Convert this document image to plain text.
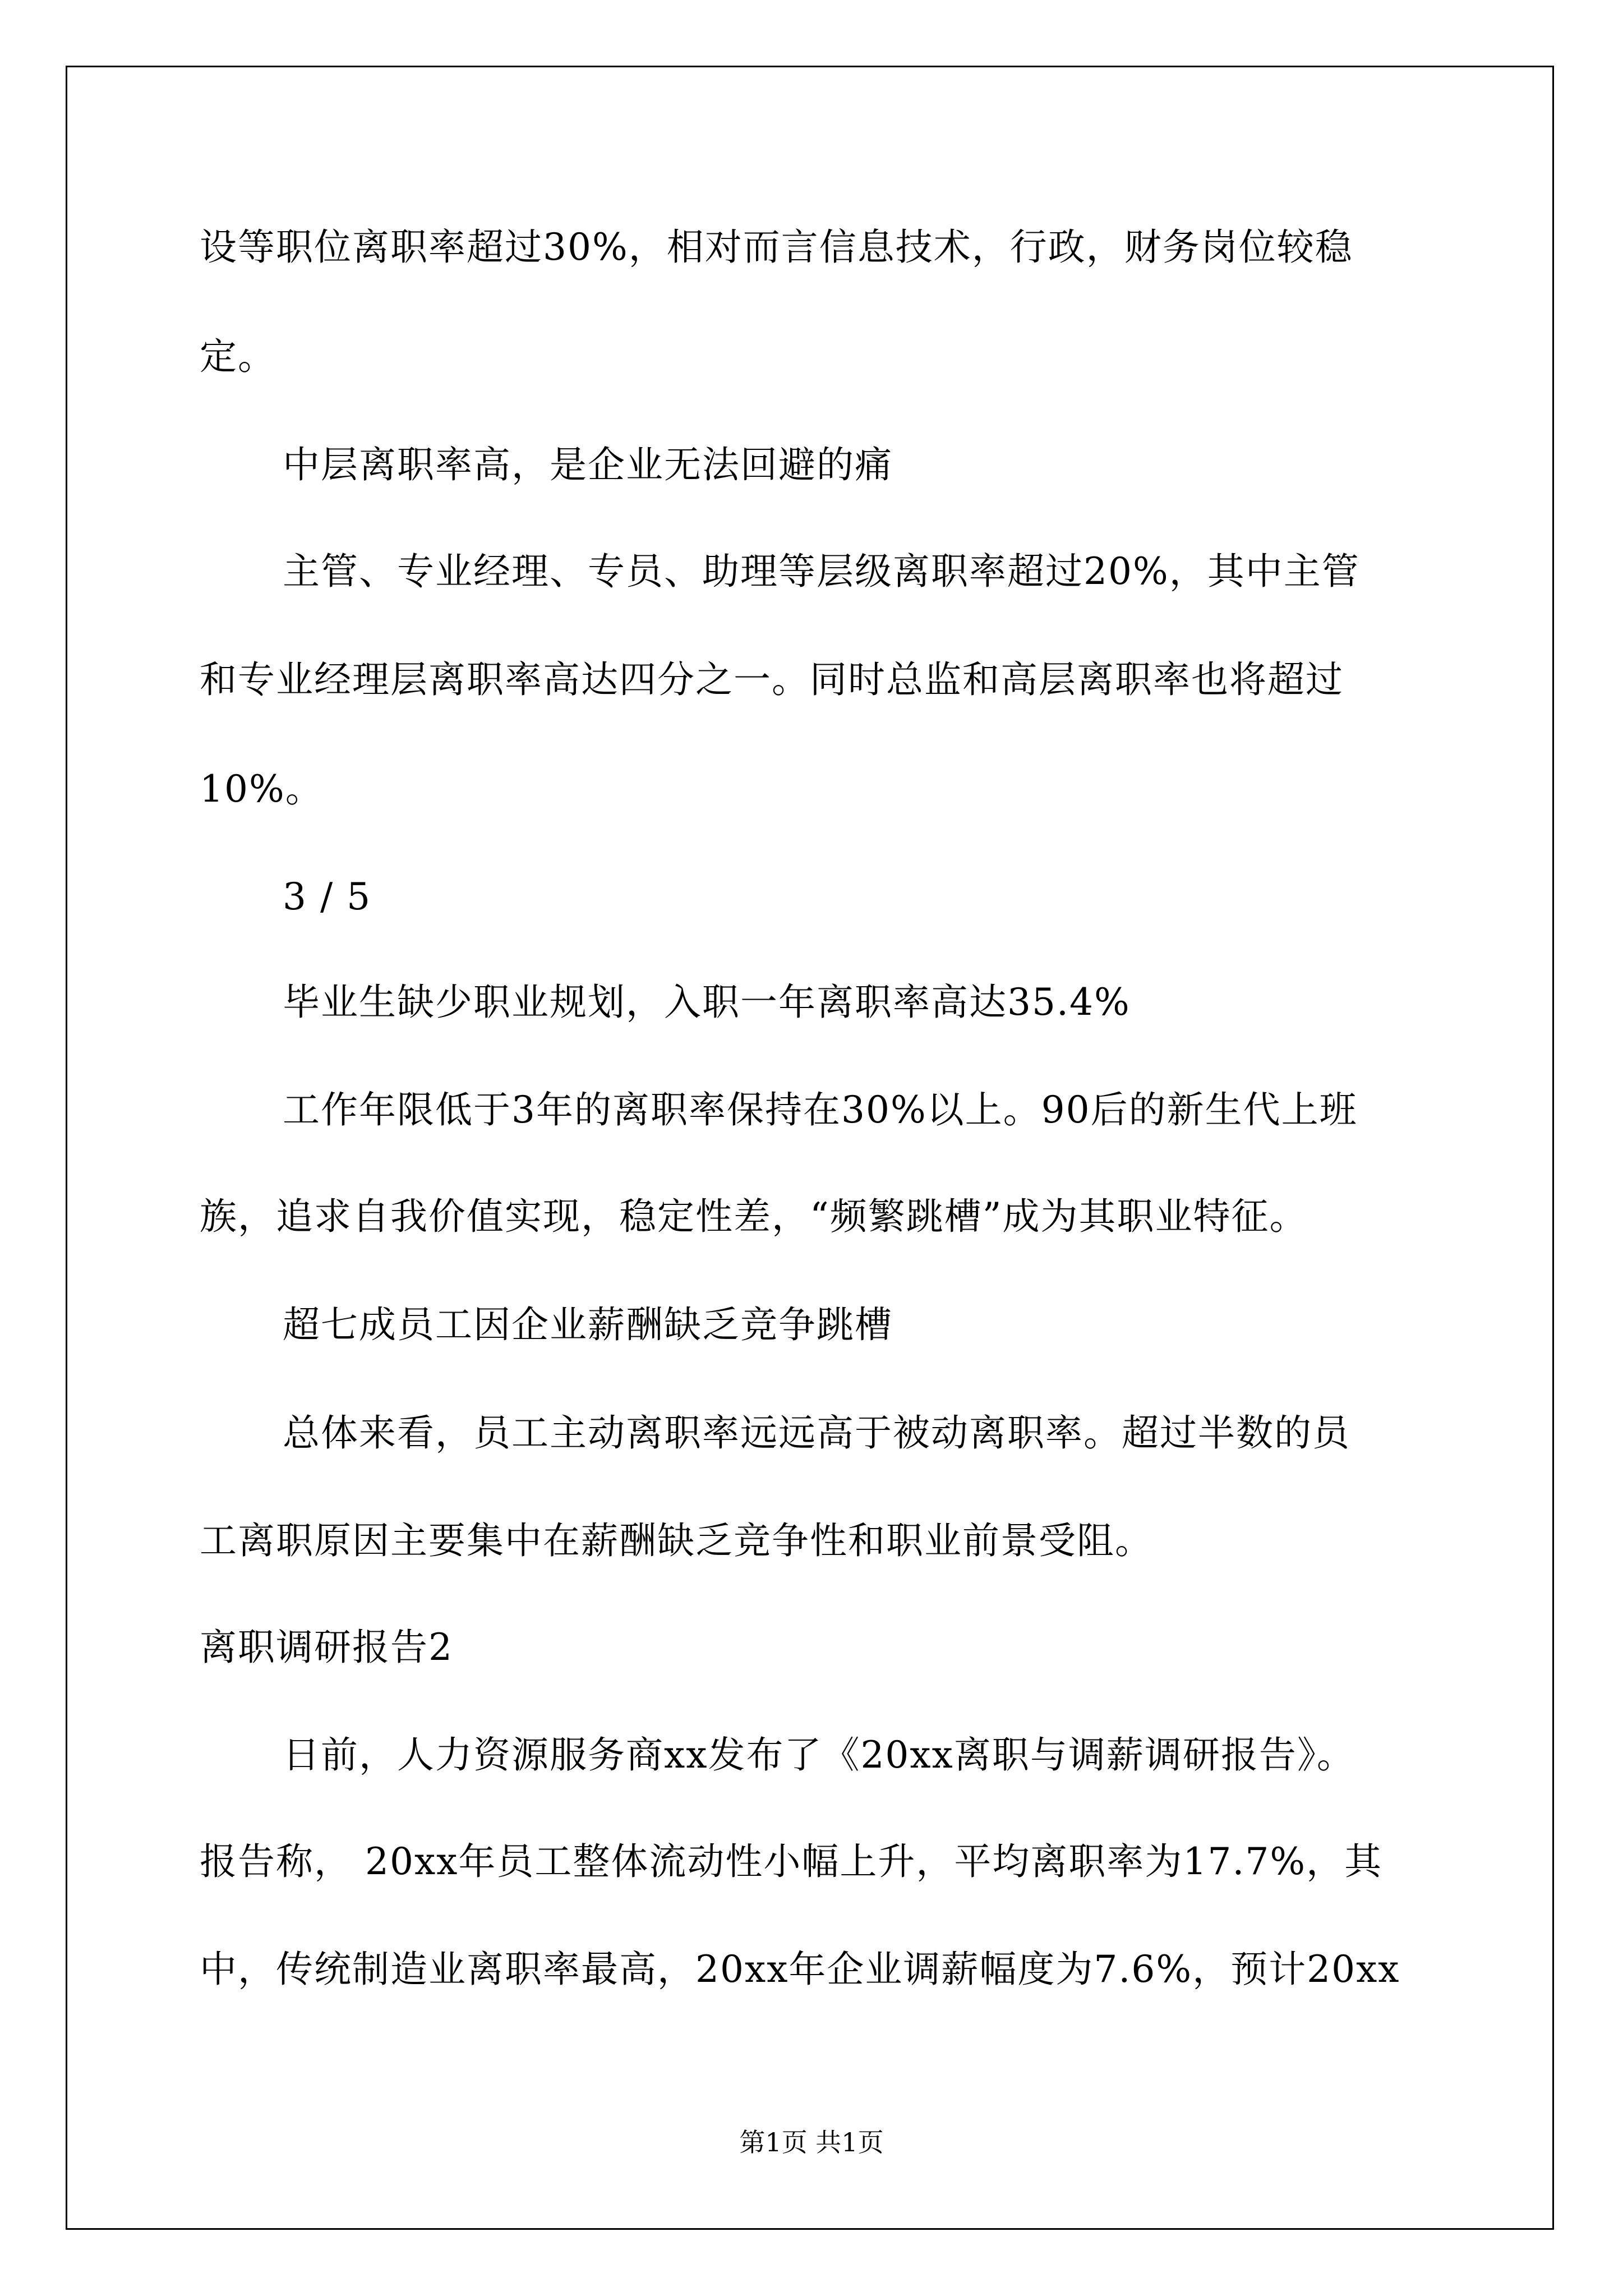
设等职位离职率超过30%，相对而言信息技术，行政，财务岗位较稳
定。
中层离职率高，是企业无法回避的痛
主管、专业经理、专员、助理等层级离职率超过20%，其中主管
和专业经理层离职率高达四分之一。同时总监和高层离职率也将超过
10%。
3 / 5
毕业生缺少职业规划，入职一年离职率高达35.4%
工作年限低于3年的离职率保持在30%以上。90后的新生代上班
族，追求自我价值实现，稳定性差，“频繁跳槽”成为其职业特征。
超七成员工因企业薪酬缺乏竞争跳槽
总体来看，员工主动离职率远远高于被动离职率。超过半数的员
工离职原因主要集中在薪酬缺乏竞争性和职业前景受阻。
离职调研报告2
日前，人力资源服务商xx发布了《20xx离职与调薪调研报告》。
报告称， 20xx年员工整体流动性小幅上升，平均离职率为17.7%，其
中，传统制造业离职率最高，20xx年企业调薪幅度为7.6%，预计20xx
第1页 共1页
